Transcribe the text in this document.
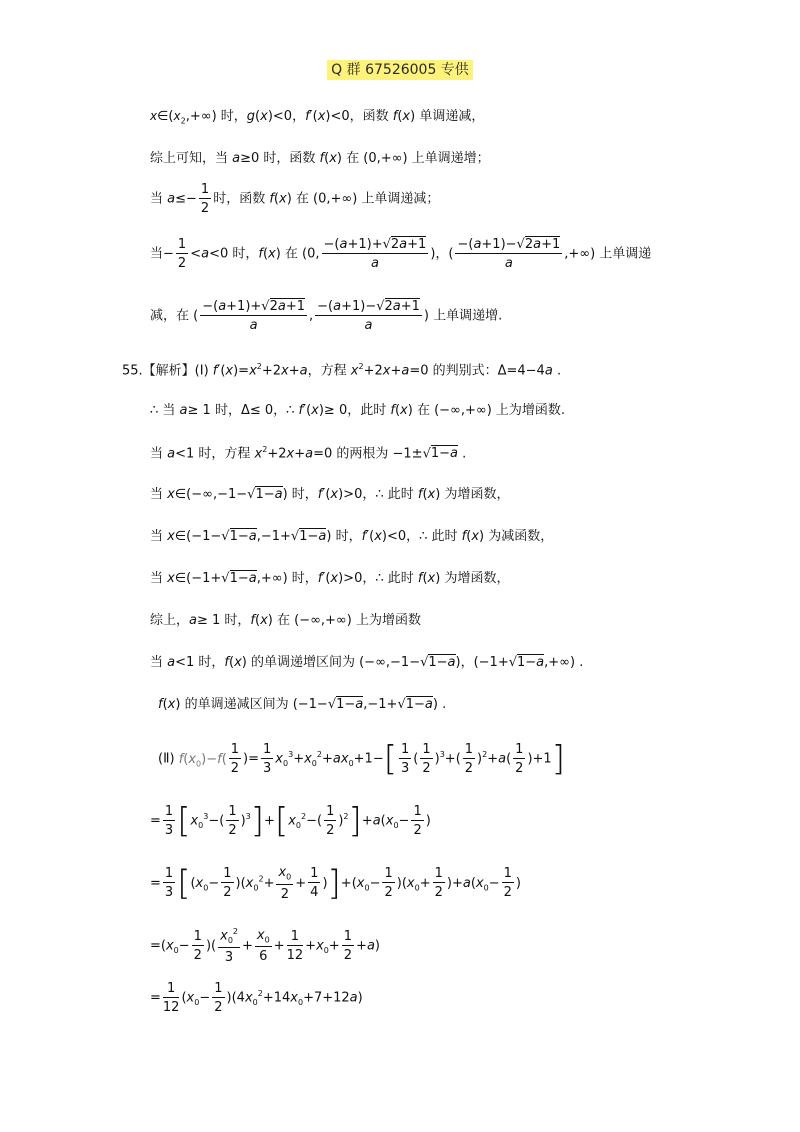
Q 群 67526005 专供
$x\in(x_2,+\infty)$ 时，g(x)<0，f′(x)<0，函数 f(x) 单调递减，
综上可知，当 a≥0 时，函数 f(x) 在 (0,+∞) 上单调递增；
当 $a\le- \frac{1}{2}$ 时，函数 f(x) 在 (0,+∞) 上单调递减；
当− $\frac{1}{2} <a<0$ 时，f(x) 在 (0, $\frac{-(a+1)+√2a+1}{a}$ )，( $\frac{-(a+1)-√2a+1}{a}$ ,+∞) 上单调递
减，在 ( $\frac{-(a+1)+√2a+1}{a}$ , $\frac{-(a+1)-√2a+1}{a}$ ) 上单调递增.
55.【解析】(Ⅰ) $f'(x)=x^2+2x+a$，方程 $x^2+2x+a=0$ 的判别式：Δ=4−4a .
∴ 当 a≥ 1 时，Δ≤ 0，∴ f′(x)≥ 0，此时 f(x) 在 (−∞,+∞) 上为增函数.
当 a<1 时，方程 $x^2+2x+a=0$ 的两根为 −1±√1−a .
当 x∈(−∞,−1−√1−a) 时，f′(x)>0，∴ 此时 f(x) 为增函数，
当 x∈(−1−√1−a,−1+√1−a) 时，f′(x)<0，∴ 此时 f(x) 为减函数，
当 x∈(−1+√1−a,+∞) 时，f′(x)>0，∴ 此时 f(x) 为增函数，
综上，a≥ 1 时，f(x) 在 (−∞,+∞) 上为增函数
当 a<1 时，f(x) 的单调递增区间为 (−∞,−1−√1−a)，(−1+√1−a,+∞) .
f(x) 的单调递减区间为 (−1−√1−a,−1+√1−a) .
(Ⅱ) $f(x_0)-f( \frac{1}{2}$ )= $\frac{1}{3} x_0^3+x_0^2+ax_0+1-[ \frac{1}{3}$ ( $\frac{1}{2} )^3+( \frac{1}{2} )^2+a( \frac{1}{2} )+1$]
= $\frac{1}{3} [x_0^3-( \frac{1}{2} )^3]+[x_0^2-( \frac{1}{2} )^2]+a(x_0- \frac{1}{2}$ )
= $\frac{1}{3} [(x_0- \frac{1}{2} )(x_0^2+ \frac{x_0}{2} + \frac{1}{4} )]+(x_0- \frac{1}{2} )(x_0+ \frac{1}{2} )+a(x_0- \frac{1}{2}$ )
$=(x_0- \frac{1}{2}$ )( $\frac{x_0^2}{3} + \frac{x_0}{6} + \frac{1}{12} +x_0+ \frac{1}{2} +a$)
= $\frac{1}{12} (x_0- \frac{1}{2} )(4x_0^2+14x_0+7+12a)$
